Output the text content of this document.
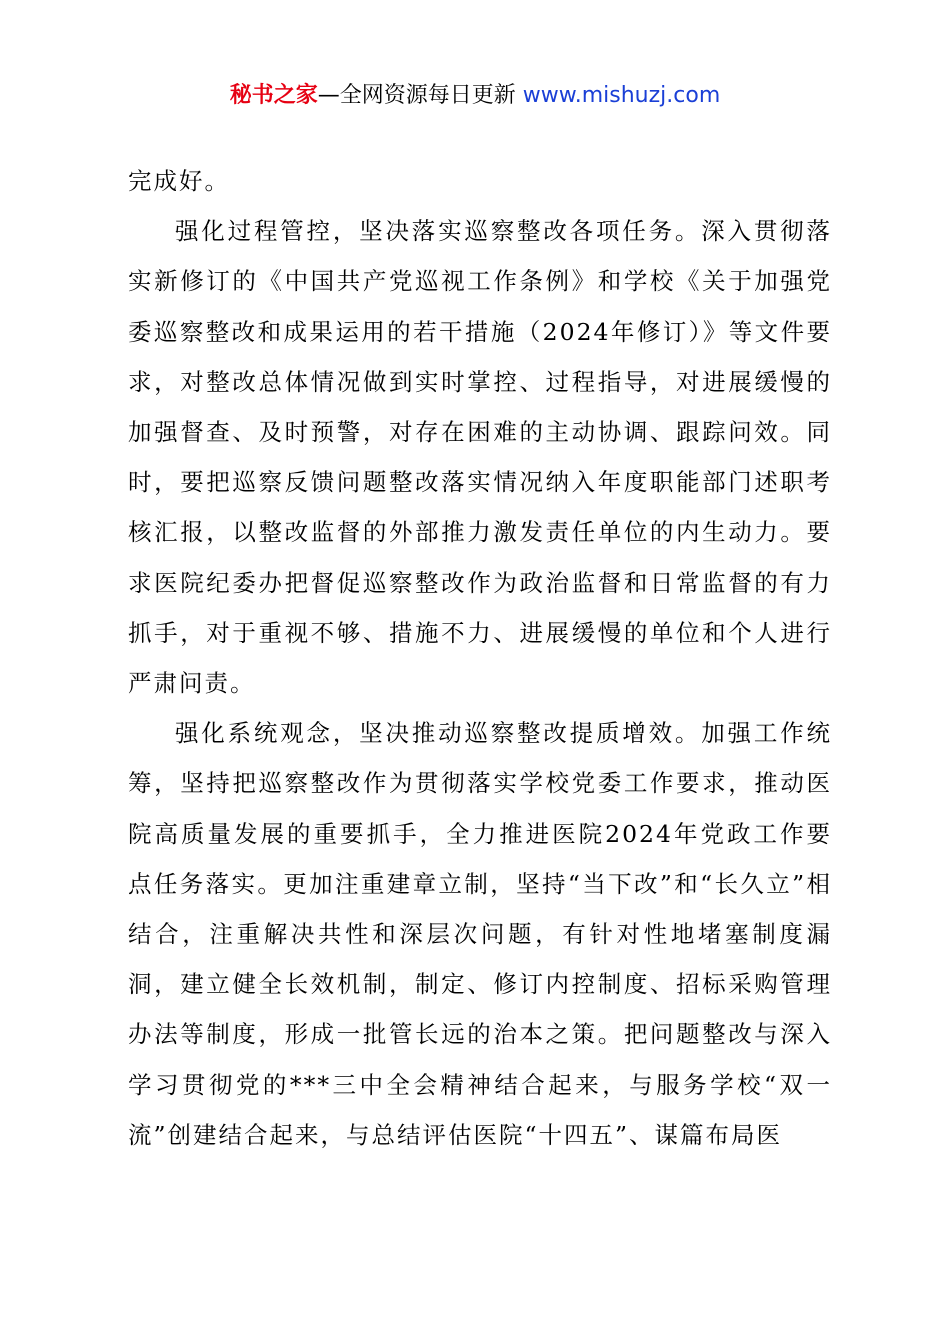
秘书之家—全网资源每日更新 www.mishuzj.com

完成好。

强化过程管控，坚决落实巡察整改各项任务。深入贯彻落实新修订的《中国共产党巡视工作条例》和学校《关于加强党委巡察整改和成果运用的若干措施（2024年修订）》等文件要求，对整改总体情况做到实时掌控、过程指导，对进展缓慢的加强督查、及时预警，对存在困难的主动协调、跟踪问效。同时，要把巡察反馈问题整改落实情况纳入年度职能部门述职考核汇报，以整改监督的外部推力激发责任单位的内生动力。要求医院纪委办把督促巡察整改作为政治监督和日常监督的有力抓手，对于重视不够、措施不力、进展缓慢的单位和个人进行严肃问责。

强化系统观念，坚决推动巡察整改提质增效。加强工作统筹，坚持把巡察整改作为贯彻落实学校党委工作要求，推动医院高质量发展的重要抓手，全力推进医院2024年党政工作要点任务落实。更加注重建章立制，坚持“当下改”和“长久立”相结合，注重解决共性和深层次问题，有针对性地堵塞制度漏洞，建立健全长效机制，制定、修订内控制度、招标采购管理办法等制度，形成一批管长远的治本之策。把问题整改与深入学习贯彻党的***三中全会精神结合起来，与服务学校“双一流”创建结合起来，与总结评估医院“十四五”、谋篇布局医
